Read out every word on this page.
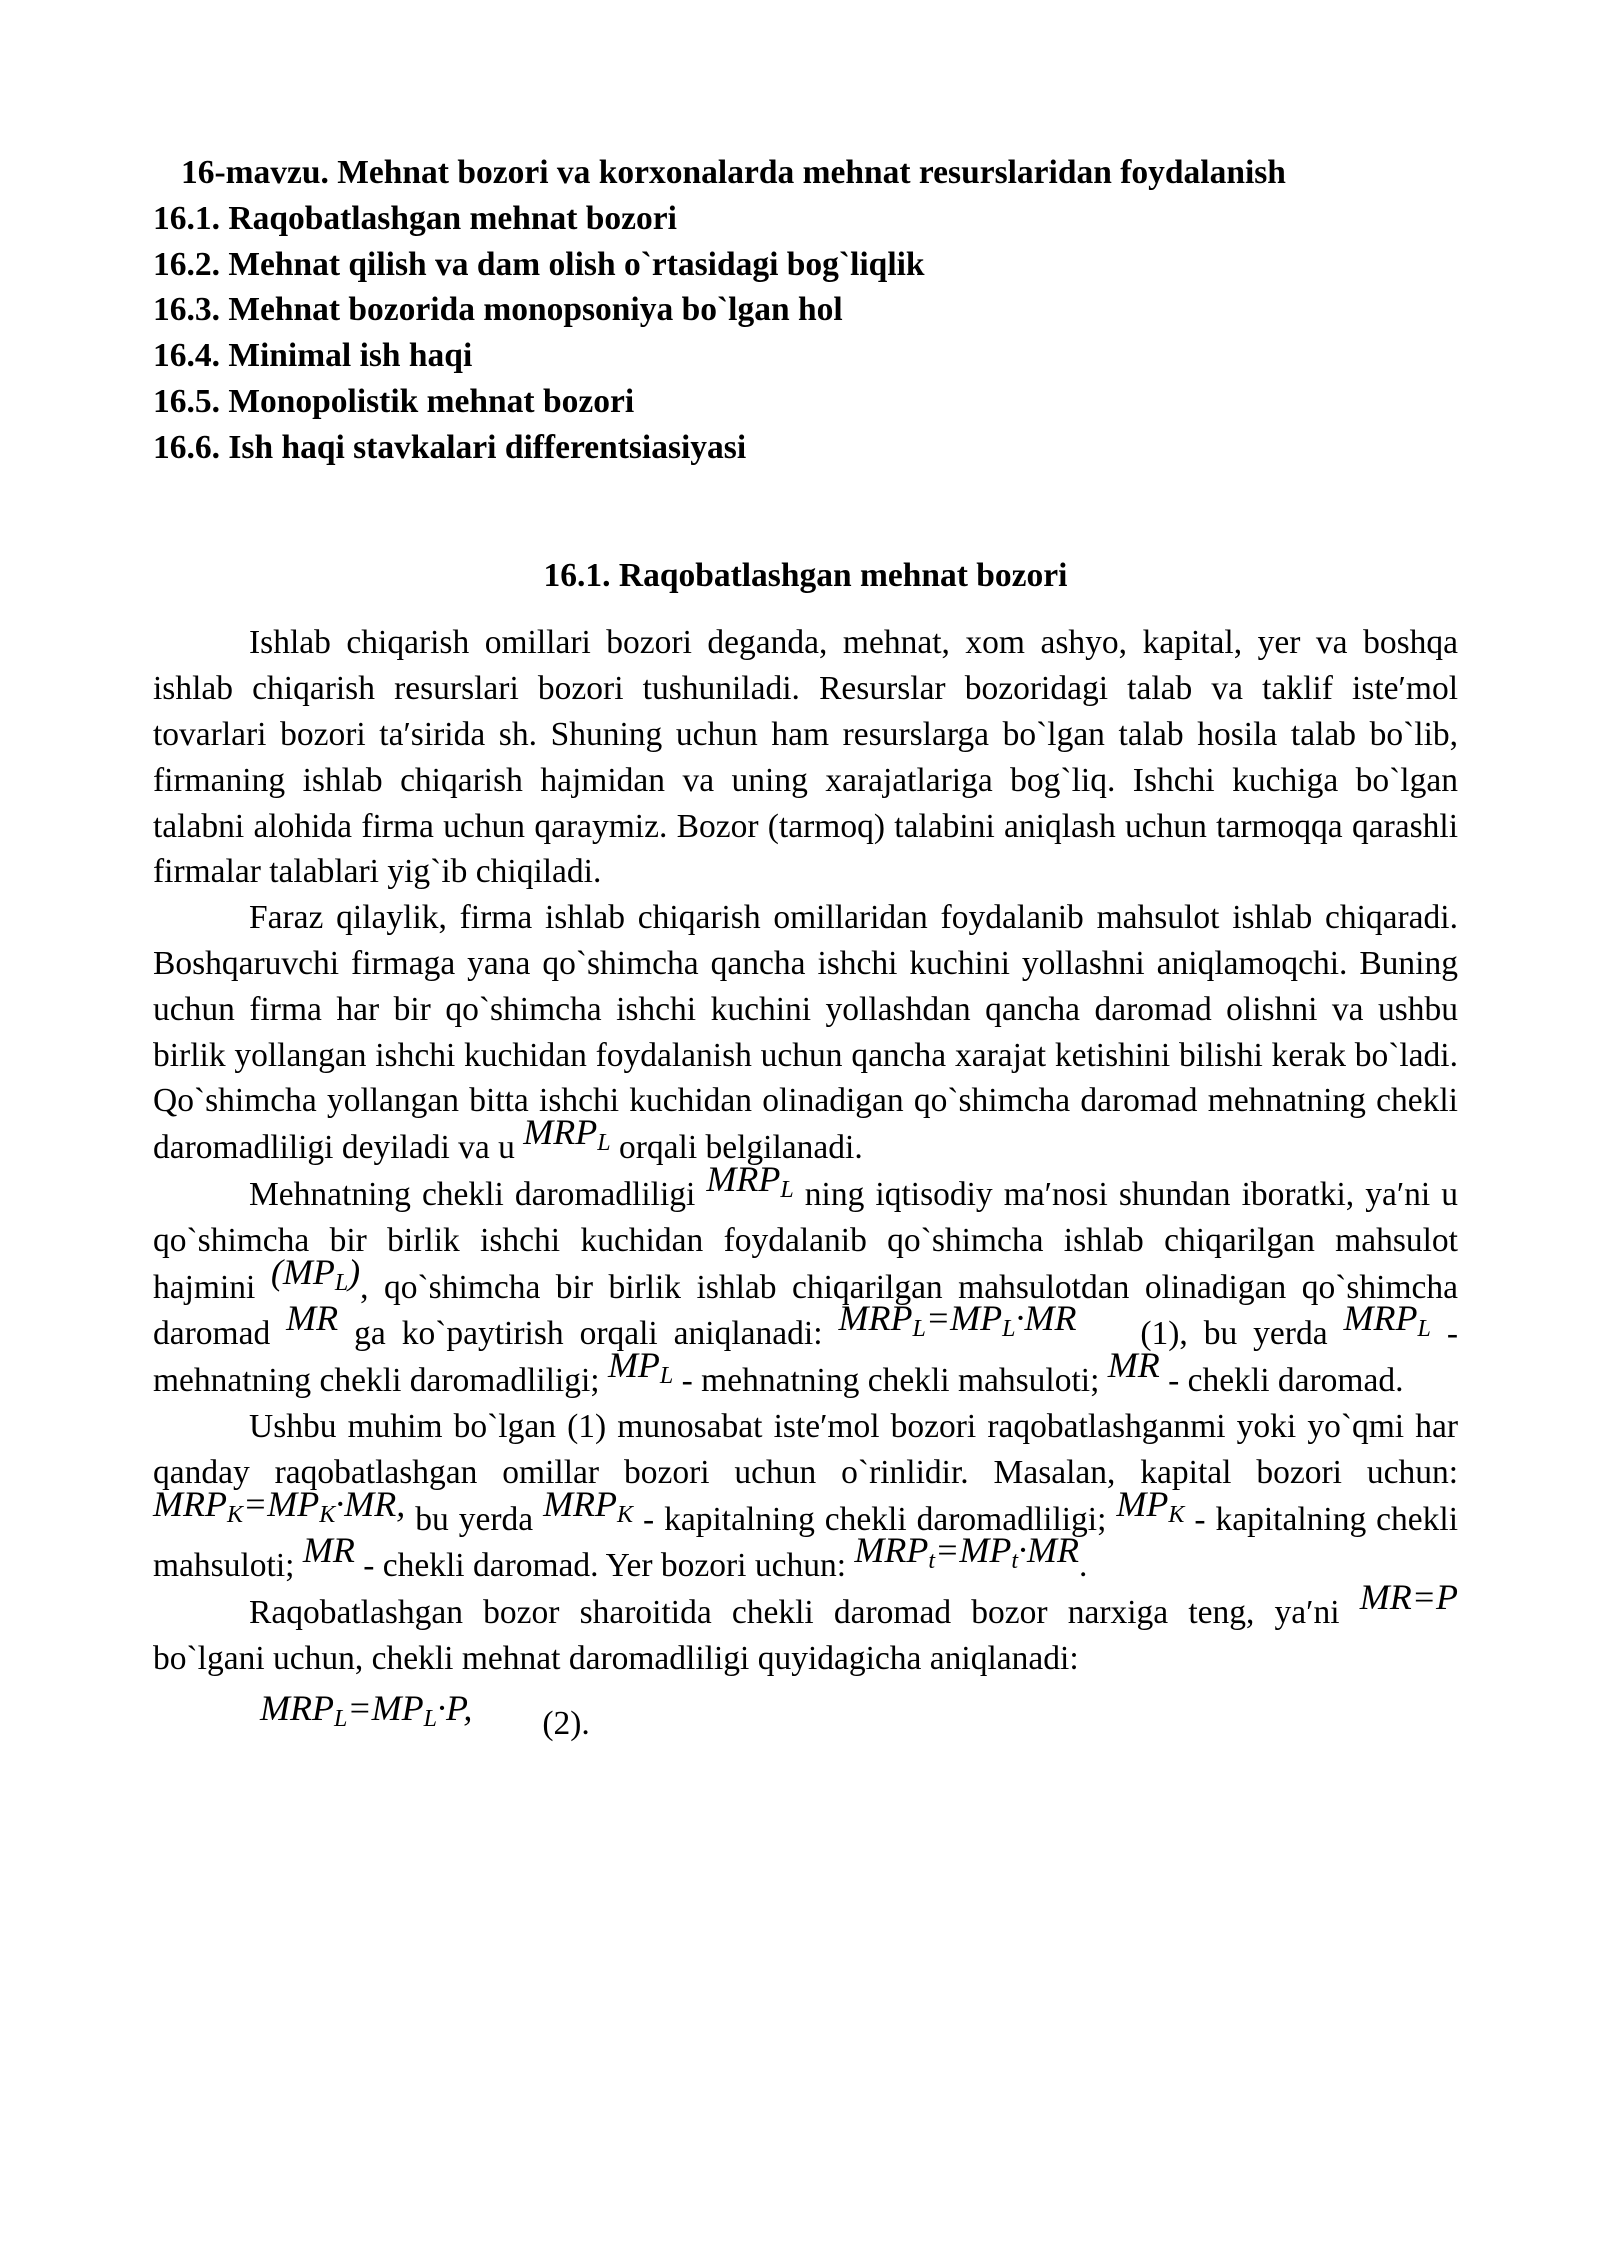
16-mavzu. Mehnat bozori va korxonalarda mehnat resurslaridan foydalanish
16.1. Raqobatlashgan mehnat bozori
16.2. Mehnat qilish va dam olish o`rtasidagi bog`liqlik
16.3. Mehnat bozorida monopsoniya bo`lgan hol
16.4. Minimal ish haqi
16.5. Monopolistik mehnat bozori
16.6. Ish haqi stavkalari differentsiasiyasi
16.1. Raqobatlashgan mehnat bozori

Ishlab chiqarish omillari bozori deganda, mehnat, xom ashyo, kapital, yer va boshqa ishlab chiqarish resurslari bozori tushuniladi. Resurslar bozoridagi talab va taklif iste′mol tovarlari bozori ta′sirida sh. Shuning uchun ham resurslarga bo`lgan talab hosila talab bo`lib, firmaning ishlab chiqarish hajmidan va uning xarajatlariga bog`liq. Ishchi kuchiga bo`lgan talabni alohida firma uchun qaraymiz. Bozor (tarmoq) talabini aniqlash uchun tarmoqqa qarashli firmalar talablari yig`ib chiqiladi.

Faraz qilaylik, firma ishlab chiqarish omillaridan foydalanib mahsulot ishlab chiqaradi. Boshqaruvchi firmaga yana qo`shimcha qancha ishchi kuchini yollashni aniqlamoqchi. Buning uchun firma har bir qo`shimcha ishchi kuchini yollashdan qancha daromad olishni va ushbu birlik yollangan ishchi kuchidan foydalanish uchun qancha xarajat ketishini bilishi kerak bo`ladi. Qo`shimcha yollangan bitta ishchi kuchidan olinadigan qo`shimcha daromad mehnatning chekli daromadliligi deyiladi va u $MRP_L$ orqali belgilanadi.

Mehnatning chekli daromadliligi $MRP_L$ ning iqtisodiy ma′nosi shundan iboratki, ya′ni u qo`shimcha bir birlik ishchi kuchidan foydalanib qo`shimcha ishlab chiqarilgan mahsulot hajmini $(MP_L)$, qo`shimcha bir birlik ishlab chiqarilgan mahsulotdan olinadigan qo`shimcha daromad MR ga ko`paytirish orqali aniqlanadi: $MRP_L=MP_L\cdot MR$ (1), bu yerda $MRP_L$ - mehnatning chekli daromadliligi; $MP_L$ - mehnatning chekli mahsuloti; MR - chekli daromad.

Ushbu muhim bo`lgan (1) munosabat iste′mol bozori raqobatlashganmi yoki yo`qmi har qanday raqobatlashgan omillar bozori uchun o`rinlidir. Masalan, kapital bozori uchun: $MRP_K=MP_K\cdot MR$, bu yerda $MRP_K$ - kapitalning chekli daromadliligi; $MP_K$ - kapitalning chekli mahsuloti; MR - chekli daromad. Yer bozori uchun: $MRP_t=MP_t\cdot MR$.

Raqobatlashgan bozor sharoitida chekli daromad bozor narxiga teng, ya′ni MR=P bo`lgani uchun, chekli mehnat daromadliligi quyidagicha aniqlanadi:

$MRP_L=MP_L\cdot P$, (2).
